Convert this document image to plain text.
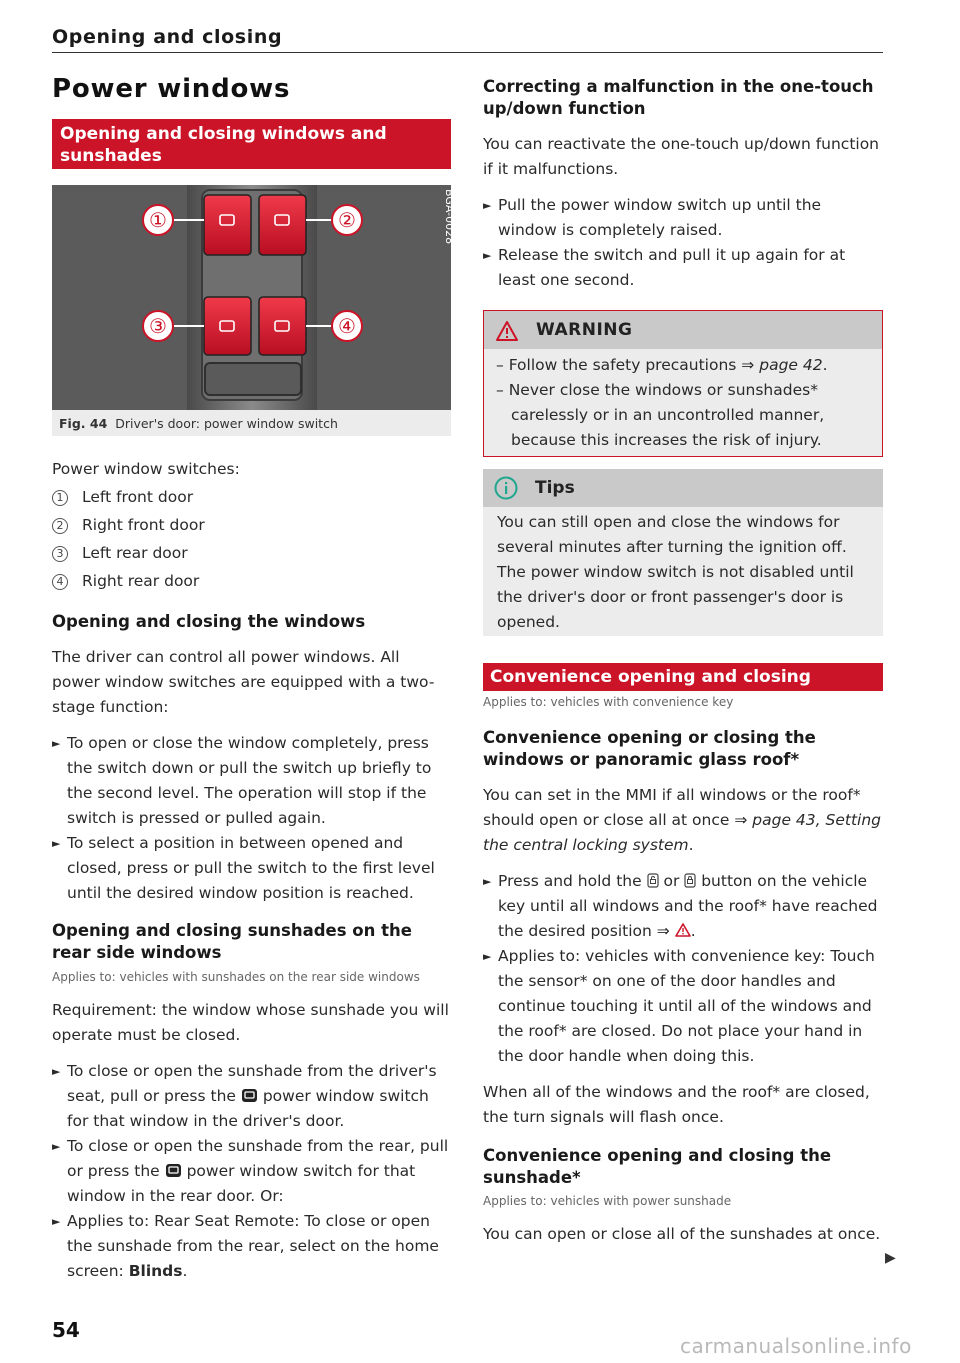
Opening and closing
Power windows
Opening and closing windows and sunshades
①	②
③	④
BGA-0028
Fig. 44 Driver's door: power window switch
Power window switches:
1 Left front door
2 Right front door
3 Left rear door
4 Right rear door
Opening and closing the windows
The driver can control all power windows. All power window switches are equipped with a two-stage function:
► To open or close the window completely, press the switch down or pull the switch up briefly to the second level. The operation will stop if the switch is pressed or pulled again.
► To select a position in between opened and closed, press or pull the switch to the first level until the desired window position is reached.
Opening and closing sunshades on the rear side windows
Applies to: vehicles with sunshades on the rear side windows
Requirement: the window whose sunshade you will operate must be closed.
► To close or open the sunshade from the driver's seat, pull or press the  power window switch for that window in the driver's door.
► To close or open the sunshade from the rear, pull or press the  power window switch for that window in the rear door. Or:
► Applies to: Rear Seat Remote: To close or open the sunshade from the rear, select on the home screen: Blinds.
Correcting a malfunction in the one-touch up/down function
You can reactivate the one-touch up/down function if it malfunctions.
► Pull the power window switch up until the window is completely raised.
► Release the switch and pull it up again for at least one second.
WARNING
– Follow the safety precautions ⇒ page 42.
– Never close the windows or sunshades* carelessly or in an uncontrolled manner, because this increases the risk of injury.
Tips
You can still open and close the windows for several minutes after turning the ignition off. The power window switch is not disabled until the driver's door or front passenger's door is opened.
Convenience opening and closing
Applies to: vehicles with convenience key
Convenience opening or closing the windows or panoramic glass roof*
You can set in the MMI if all windows or the roof* should open or close all at once ⇒ page 43, Setting the central locking system.
► Press and hold the  or  button on the vehicle key until all windows and the roof* have reached the desired position ⇒ .
► Applies to: vehicles with convenience key: Touch the sensor* on one of the door handles and continue touching it until all of the windows and the roof* are closed. Do not place your hand in the door handle when doing this.
When all of the windows and the roof* are closed, the turn signals will flash once.
Convenience opening and closing the sunshade*
Applies to: vehicles with power sunshade
You can open or close all of the sunshades at once.
▶
54
carmanualsonline.info
